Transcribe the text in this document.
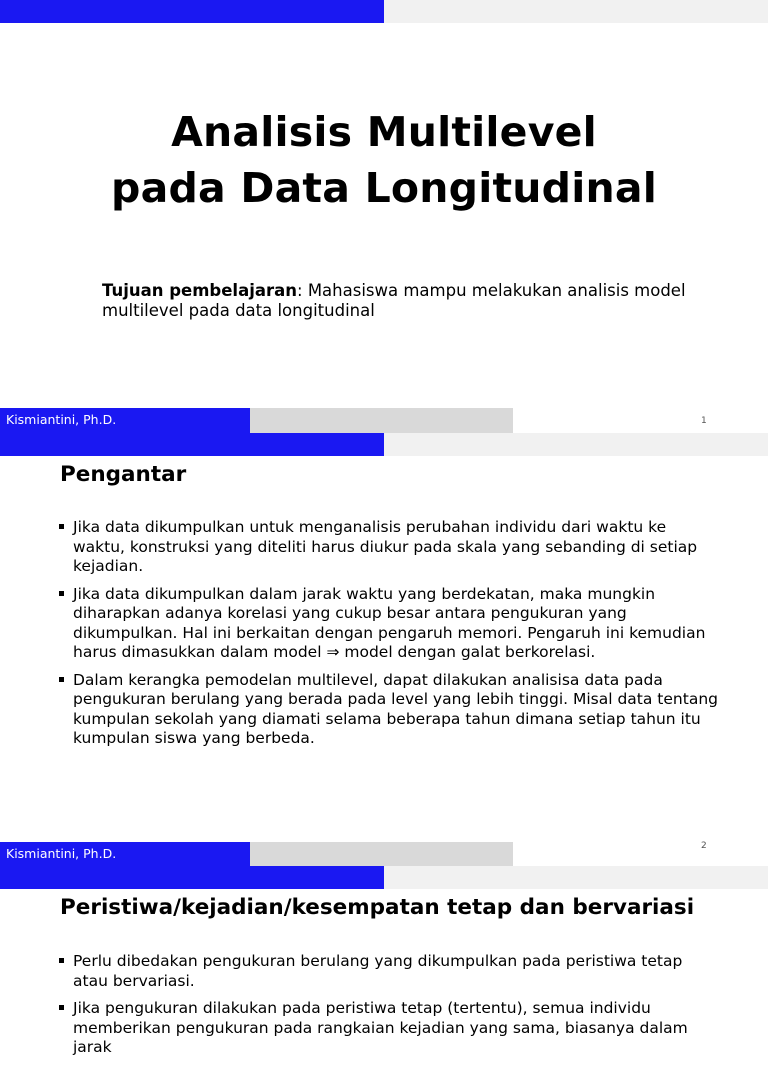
Analisis Multilevel
pada Data Longitudinal
Tujuan pembelajaran: Mahasiswa mampu melakukan analisis model multilevel pada data longitudinal
Kismiantini, Ph.D.	1
Pengantar
Jika data dikumpulkan untuk menganalisis perubahan individu dari waktu ke waktu, konstruksi yang diteliti harus diukur pada skala yang sebanding di setiap kejadian.
Jika data dikumpulkan dalam jarak waktu yang berdekatan, maka mungkin diharapkan adanya korelasi yang cukup besar antara pengukuran yang dikumpulkan. Hal ini berkaitan dengan pengaruh memori. Pengaruh ini kemudian harus dimasukkan dalam model ⇒ model dengan galat berkorelasi.
Dalam kerangka pemodelan multilevel, dapat dilakukan analisisa data pada pengukuran berulang yang berada pada level yang lebih tinggi. Misal data tentang kumpulan sekolah yang diamati selama beberapa tahun dimana setiap tahun itu kumpulan siswa yang berbeda.
Kismiantini, Ph.D.	2
Peristiwa/kejadian/kesempatan tetap dan bervariasi
Perlu dibedakan pengukuran berulang yang dikumpulkan pada peristiwa tetap atau bervariasi.
Jika pengukuran dilakukan pada peristiwa tetap (tertentu), semua individu memberikan pengukuran pada rangkaian kejadian yang sama, biasanya dalam jarak
